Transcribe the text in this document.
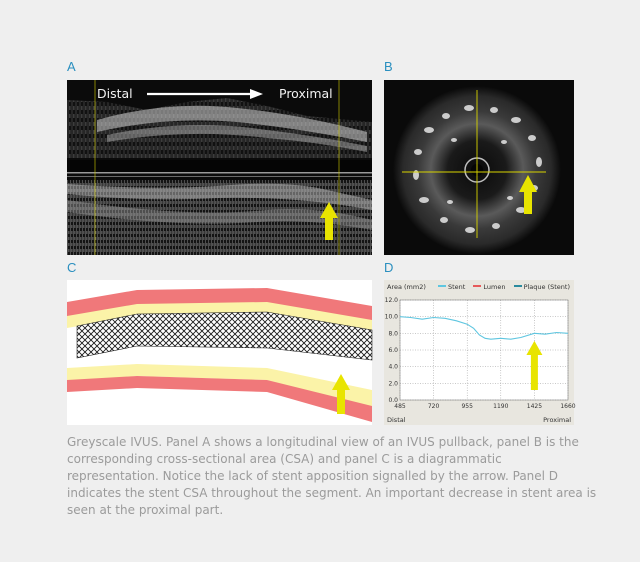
A	B
C	D
Distal	Proximal
0.0
2.0
4.0
6.0
8.0
10.0
12.0
485	720	955	1190	1425	1660
Area (mm2)	Stent	Lumen	Plaque (Stent)
Distal	Proximal
Greyscale IVUS. Panel A shows a longitudinal view of an IVUS pullback, panel B is the corresponding cross-sectional area (CSA) and panel C is a diagrammatic representation. Notice the lack of stent apposition signalled by the arrow. Panel D indicates the stent CSA throughout the segment. An important decrease in stent area is seen at the proximal part.
